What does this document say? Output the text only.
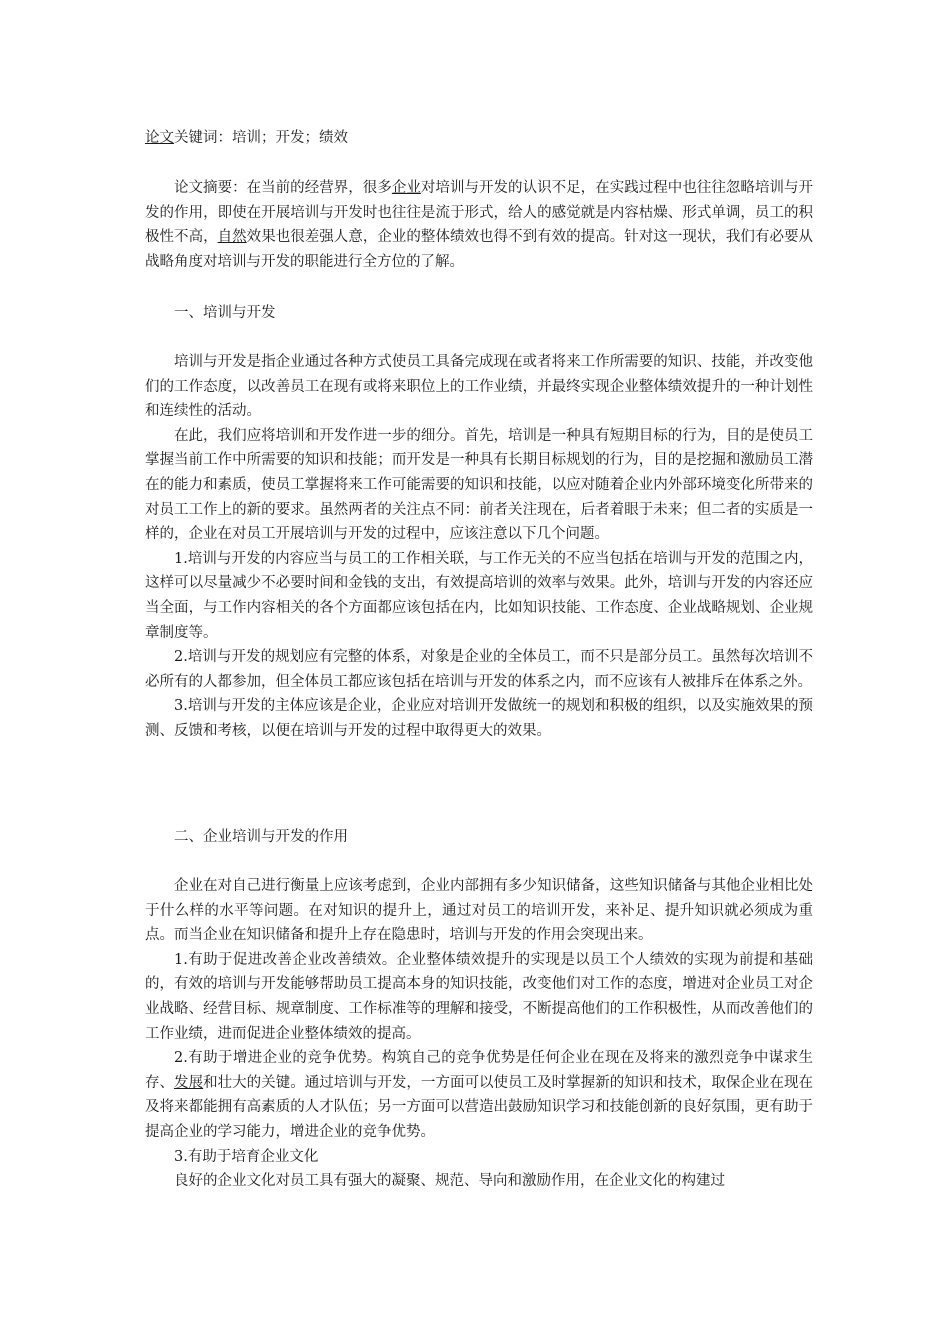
论文关键词：培训；开发；绩效

论文摘要：在当前的经营界，很多企业对培训与开发的认识不足，在实践过程中也往往忽略培训与开发的作用，即使在开展培训与开发时也往往是流于形式，给人的感觉就是内容枯燥、形式单调，员工的积极性不高，自然效果也很差强人意，企业的整体绩效也得不到有效的提高。针对这一现状，我们有必要从战略角度对培训与开发的职能进行全方位的了解。

一、培训与开发

培训与开发是指企业通过各种方式使员工具备完成现在或者将来工作所需要的知识、技能，并改变他们的工作态度，以改善员工在现有或将来职位上的工作业绩，并最终实现企业整体绩效提升的一种计划性和连续性的活动。

在此，我们应将培训和开发作进一步的细分。首先，培训是一种具有短期目标的行为，目的是使员工掌握当前工作中所需要的知识和技能；而开发是一种具有长期目标规划的行为，目的是挖掘和激励员工潜在的能力和素质，使员工掌握将来工作可能需要的知识和技能，以应对随着企业内外部环境变化所带来的对员工工作上的新的要求。虽然两者的关注点不同：前者关注现在，后者着眼于未来；但二者的实质是一样的，企业在对员工开展培训与开发的过程中，应该注意以下几个问题。

1.培训与开发的内容应当与员工的工作相关联，与工作无关的不应当包括在培训与开发的范围之内，这样可以尽量减少不必要时间和金钱的支出，有效提高培训的效率与效果。此外，培训与开发的内容还应当全面，与工作内容相关的各个方面都应该包括在内，比如知识技能、工作态度、企业战略规划、企业规章制度等。

2.培训与开发的规划应有完整的体系，对象是企业的全体员工，而不只是部分员工。虽然每次培训不必所有的人都参加，但全体员工都应该包括在培训与开发的体系之内，而不应该有人被排斥在体系之外。

3.培训与开发的主体应该是企业，企业应对培训开发做统一的规划和积极的组织，以及实施效果的预测、反馈和考核，以便在培训与开发的过程中取得更大的效果。

二、企业培训与开发的作用

企业在对自己进行衡量上应该考虑到，企业内部拥有多少知识储备，这些知识储备与其他企业相比处于什么样的水平等问题。在对知识的提升上，通过对员工的培训开发，来补足、提升知识就必须成为重点。而当企业在知识储备和提升上存在隐患时，培训与开发的作用会突现出来。

1.有助于促进改善企业改善绩效。企业整体绩效提升的实现是以员工个人绩效的实现为前提和基础的，有效的培训与开发能够帮助员工提高本身的知识技能，改变他们对工作的态度，增进对企业员工对企业战略、经营目标、规章制度、工作标准等的理解和接受，不断提高他们的工作积极性，从而改善他们的工作业绩，进而促进企业整体绩效的提高。

2.有助于增进企业的竞争优势。构筑自己的竞争优势是任何企业在现在及将来的激烈竞争中谋求生存、发展和壮大的关键。通过培训与开发，一方面可以使员工及时掌握新的知识和技术，取保企业在现在及将来都能拥有高素质的人才队伍；另一方面可以营造出鼓励知识学习和技能创新的良好氛围，更有助于提高企业的学习能力，增进企业的竞争优势。

3.有助于培育企业文化

良好的企业文化对员工具有强大的凝聚、规范、导向和激励作用，在企业文化的构建过
